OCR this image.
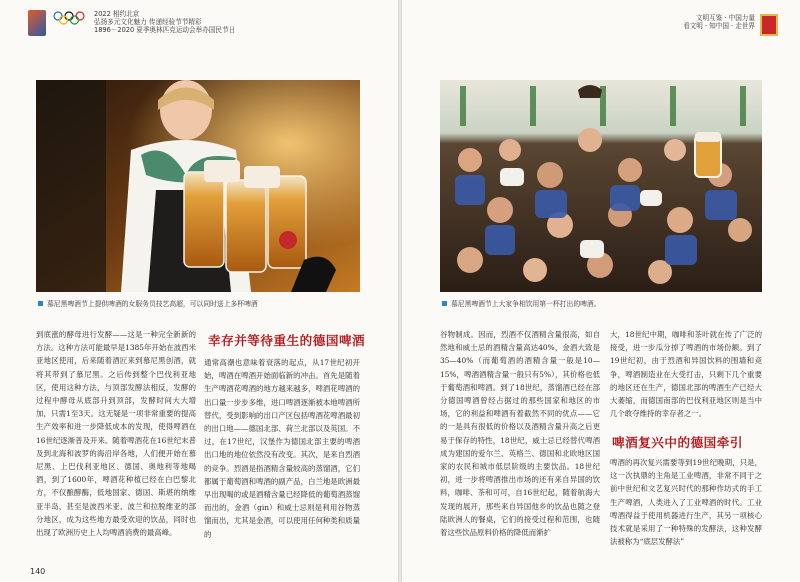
2022 相约北京
弘扬多元文化魅力 传递经验节节精彩
1896－2020 夏季奥林匹克运动会举办国民节日
慕尼黑啤酒节上提供啤酒的女服务员技艺高超，可以同时送上多杯啤酒

到底涨的酵母进行发酵——这是一种完全新新的方法。这种方法可能最早是1385年开始在波西米亚地区使用，后来随着酒匠来到慕尼黑创酒，就将其带到了慕尼黑。之后传到整个巴伐利亚地区，使用这种方法，与顶部发酵法相反，发酵的过程中酵母从底部升到顶部，发酵时间大大增加，只需1至3天。这无疑是一项非常重要的提高生产效率和进一步降低成本的发现，使得啤酒在16世纪逐渐普及开来。随着啤酒花在16世纪末普及到北海和波罗的海沿岸各地，人们便开始在慕尼黑、上巴伐利亚地区、德国、奥地利等地喝酒，到了1600年，啤酒花种植已经在白巴黎北方，不仅酿酵酶，低地国家、德国、斯堪的纳维亚半岛，甚至是波西米亚、波兰和拉脱维亚的部分地区，成为这些地方最受欢迎的饮品，同时也出现了欧洲历史上人均啤酒消费的最高峰。

幸存并等待重生的德国啤酒

通常高潮也意味着衰落的起点，从17世纪初开始，啤酒在啤酒开始面临新的冲击。首先是随着生产啤酒花啤酒的地方越来越多，啤酒花啤酒的出口量一步步多维，进口啤酒逐渐被本地啤酒所替代，受到影响的出口产区包括啤酒花啤酒最初的出口地——德国北部、荷兰北部以及英国。不过，在17世纪，汉堡作为德国北部主要的啤酒出口地的地位依然没有改变。其次，是来自烈酒的竞争。烈酒是指酒精含量较高的蒸馏酒，它们都属于葡萄酒和啤酒的副产品，白兰地是欧洲最早出现喝的或是酒精含量已经降低的葡萄酒蒸馏而出的，金酒（gin）和威士忌则是利用谷物蒸馏而出，尤其是金酒，可以使用任何种类和质量的

140
文明互鉴 · 中国力量
看文明 · 知中国 · 走世界
慕尼黑啤酒节上大家争相饮用第一杯打出的啤酒。

谷物制成。因而，烈酒不仅酒精含量很高，如自然地和威士忌的酒精含量高达40%，金酒大致是35—40%（而葡萄酒的酒精含量一般是10—15%，啤酒酒精含量一般只有5%），其价格也低于葡萄酒和啤酒。到了18世纪，蒸馏酒已经在部分德国啤酒曾经占据过的那些国家和地区的市场，它的利益和啤酒有着截然不同的优点——它的一是具有很低的价格以及酒精含量升高之后更易于保存的特性，18世纪，威士忌已经替代啤酒成为建国的爱尔兰、英格兰、德国和北欧地区国家的农民和城市低层阶级的主要饮品。18世纪初，进一步将啤酒推出市场的还有来自异国的饮料，咖啡、茶和可可，自16世纪起，随着航海大发现的展开，那些来自异国他乡的饮品也随之登陆欧洲人的餐桌，它们的接受过程和范围，也随着这些饮品原料价格的降低而渐扩

大，18世纪中期，咖啡和茶叶就在传了广泛的接受，进一步瓜分掉了啤酒的市场份额。到了19世纪初，由于烈酒和异国饮料的围墙和竞争，啤酒制造业在大受打击，只剩下几个重要的地区还在生产，德国北部的啤酒生产已经大大萎缩，而德国南部的巴伐利亚地区则是当中几个敢夺维持的幸存者之一。

啤酒复兴中的德国牵引

啤酒的再次复兴需要等到19世纪晚期，只是，这一次执鼎的主角是工业啤酒，非常不同于之前中世纪和文艺复兴时代的那种作坊式的手工生产啤酒，人类进入了工业啤酒的时代。工业啤酒得益于使用机器进行生产，其另一项核心技术就是采用了一种特殊的发酵法，这种发酵法被称为“底层发酵法”
